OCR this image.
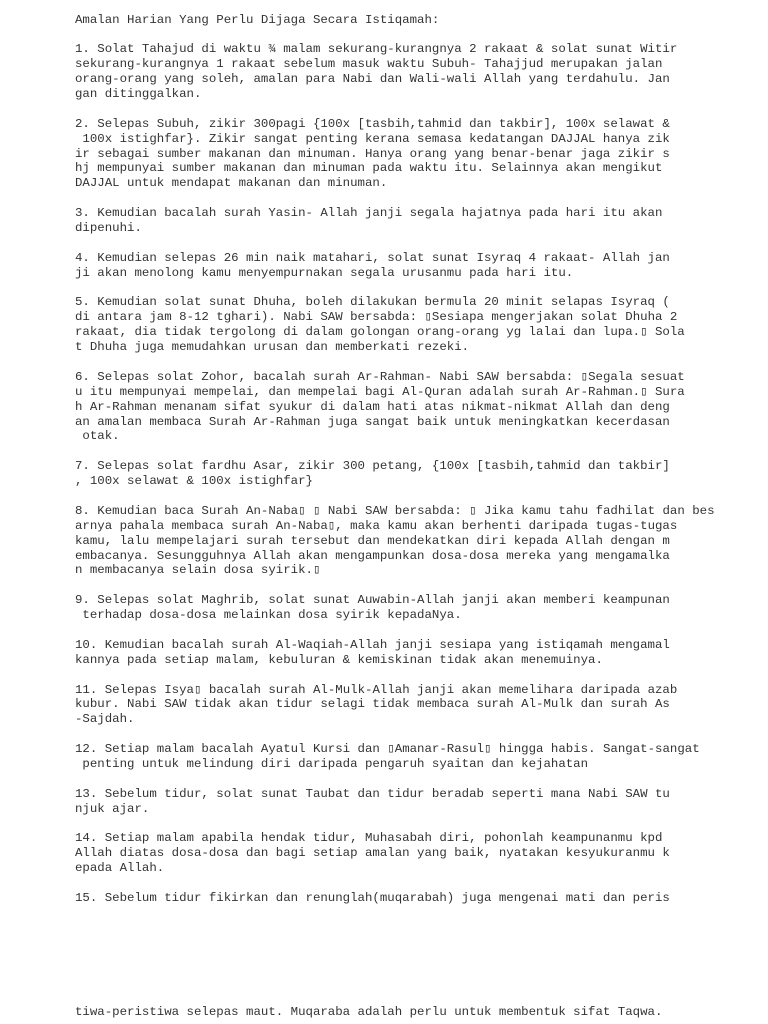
Amalan Harian Yang Perlu Dijaga Secara Istiqamah:
1. Solat Tahajud di waktu ¾ malam sekurang-kurangnya 2 rakaat & solat sunat Witir
sekurang-kurangnya 1 rakaat sebelum masuk waktu Subuh- Tahajjud merupakan jalan
orang-orang yang soleh, amalan para Nabi dan Wali-wali Allah yang terdahulu. Jan
gan ditinggalkan.
2. Selepas Subuh, zikir 300pagi {100x [tasbih,tahmid dan takbir], 100x selawat &
100x istighfar}. Zikir sangat penting kerana semasa kedatangan DAJJAL hanya zik
ir sebagai sumber makanan dan minuman. Hanya orang yang benar-benar jaga zikir s
hj mempunyai sumber makanan dan minuman pada waktu itu. Selainnya akan mengikut
DAJJAL untuk mendapat makanan dan minuman.
3. Kemudian bacalah surah Yasin- Allah janji segala hajatnya pada hari itu akan
dipenuhi.
4. Kemudian selepas 26 min naik matahari, solat sunat Isyraq 4 rakaat- Allah jan
ji akan menolong kamu menyempurnakan segala urusanmu pada hari itu.
5. Kemudian solat sunat Dhuha, boleh dilakukan bermula 20 minit selapas Isyraq (
di antara jam 8-12 tghari). Nabi SAW bersabda: ▯Sesiapa mengerjakan solat Dhuha 2
rakaat, dia tidak tergolong di dalam golongan orang-orang yg lalai dan lupa.▯ Sola
t Dhuha juga memudahkan urusan dan memberkati rezeki.
6. Selepas solat Zohor, bacalah surah Ar-Rahman- Nabi SAW bersabda: ▯Segala sesuat
u itu mempunyai mempelai, dan mempelai bagi Al-Quran adalah surah Ar-Rahman.▯ Sura
h Ar-Rahman menanam sifat syukur di dalam hati atas nikmat-nikmat Allah dan deng
an amalan membaca Surah Ar-Rahman juga sangat baik untuk meningkatkan kecerdasan
otak.
7. Selepas solat fardhu Asar, zikir 300 petang, {100x [tasbih,tahmid dan takbir]
, 100x selawat & 100x istighfar}
8. Kemudian baca Surah An-Naba▯ ▯ Nabi SAW bersabda: ▯ Jika kamu tahu fadhilat dan bes
arnya pahala membaca surah An-Naba▯, maka kamu akan berhenti daripada tugas-tugas
kamu, lalu mempelajari surah tersebut dan mendekatkan diri kepada Allah dengan m
embacanya. Sesungguhnya Allah akan mengampunkan dosa-dosa mereka yang mengamalka
n membacanya selain dosa syirik.▯
9. Selepas solat Maghrib, solat sunat Auwabin-Allah janji akan memberi keampunan
terhadap dosa-dosa melainkan dosa syirik kepadaNya.
10. Kemudian bacalah surah Al-Waqiah-Allah janji sesiapa yang istiqamah mengamal
kannya pada setiap malam, kebuluran & kemiskinan tidak akan menemuinya.
11. Selepas Isya▯ bacalah surah Al-Mulk-Allah janji akan memelihara daripada azab
kubur. Nabi SAW tidak akan tidur selagi tidak membaca surah Al-Mulk dan surah As
-Sajdah.
12. Setiap malam bacalah Ayatul Kursi dan ▯Amanar-Rasul▯ hingga habis. Sangat-sangat
penting untuk melindung diri daripada pengaruh syaitan dan kejahatan
13. Sebelum tidur, solat sunat Taubat dan tidur beradab seperti mana Nabi SAW tu
njuk ajar.
14. Setiap malam apabila hendak tidur, Muhasabah diri, pohonlah keampunanmu kpd
Allah diatas dosa-dosa dan bagi setiap amalan yang baik, nyatakan kesyukuranmu k
epada Allah.
15. Sebelum tidur fikirkan dan renunglah(muqarabah) juga mengenai mati dan peris
tiwa-peristiwa selepas maut. Muqaraba adalah perlu untuk membentuk sifat Taqwa.
